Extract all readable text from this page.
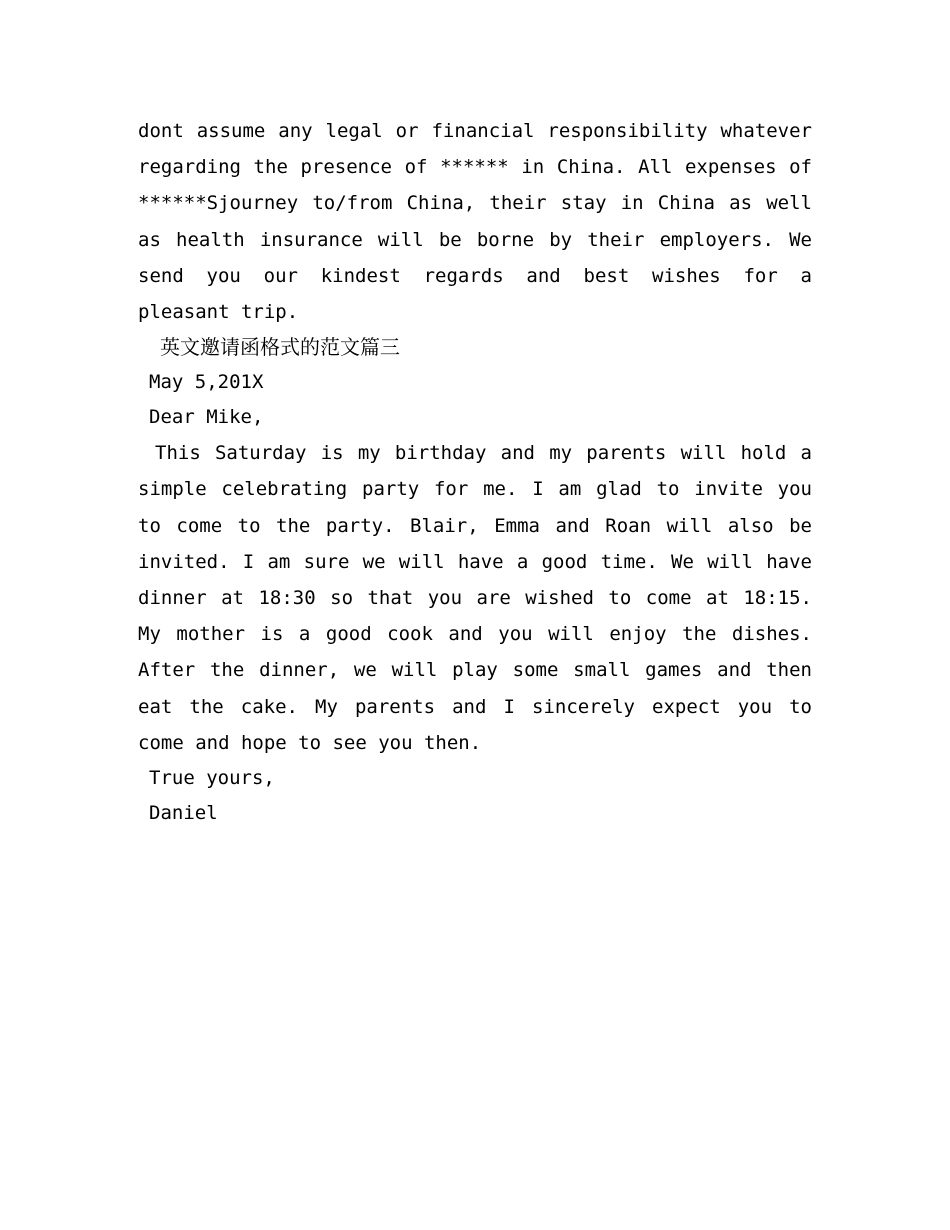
dont assume any legal or financial responsibility whatever regarding the presence of ****** in China. All expenses of ******Sjourney to/from China, their stay in China as well as health insurance will be borne by their employers. We send you our kindest regards and best wishes for a pleasant trip.

英文邀请函格式的范文篇三

May 5,201X

Dear Mike,

This Saturday is my birthday and my parents will hold a simple celebrating party for me. I am glad to invite you to come to the party. Blair, Emma and Roan will also be invited. I am sure we will have a good time. We will have dinner at 18:30 so that you are wished to come at 18:15. My mother is a good cook and you will enjoy the dishes. After the dinner, we will play some small games and then eat the cake. My parents and I sincerely expect you to come and hope to see you then.

True yours,

Daniel
